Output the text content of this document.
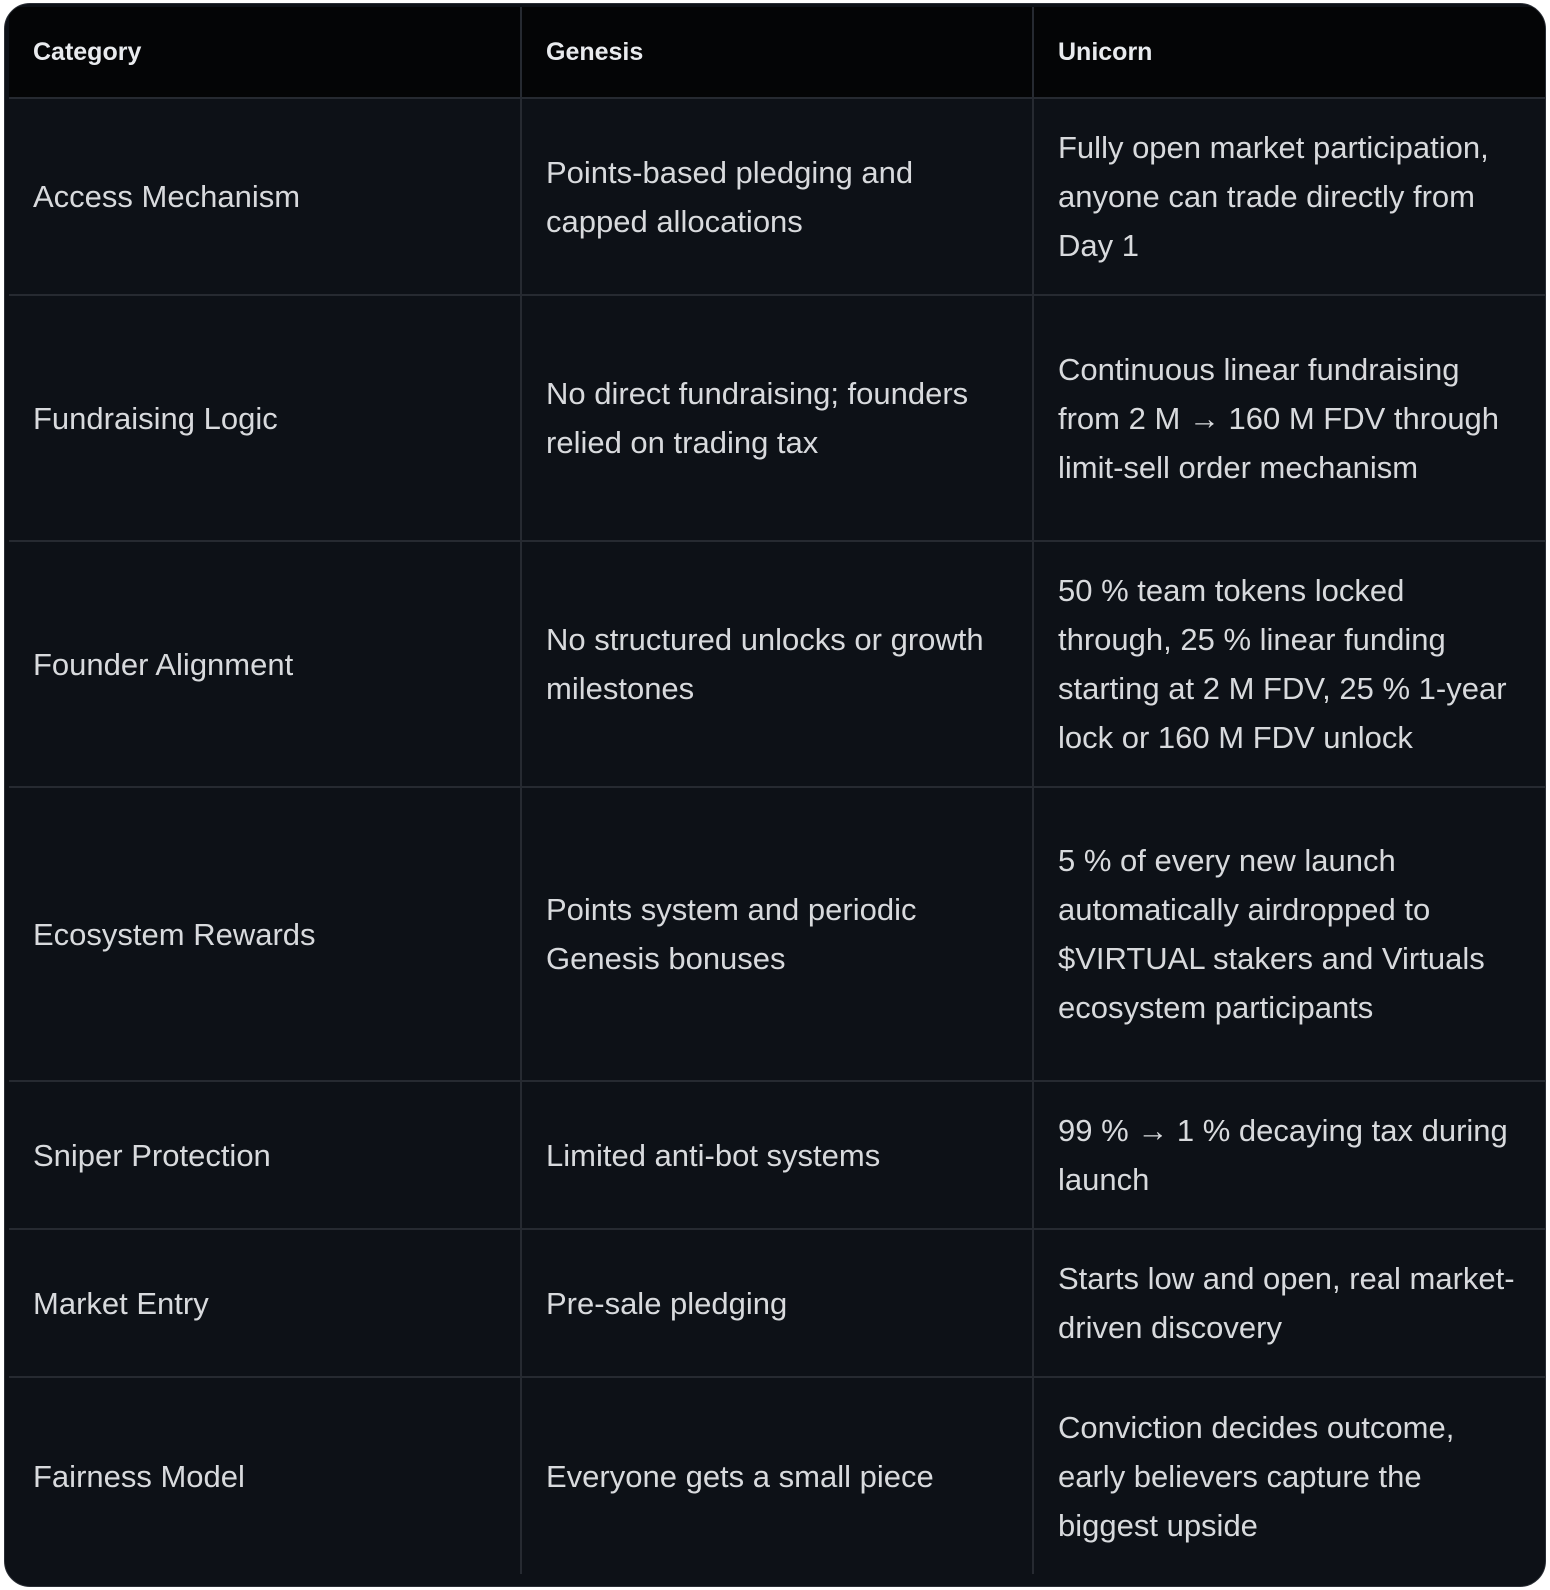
Category	Genesis	Unicorn
Access Mechanism	Points-based pledging and capped allocations	Fully open market participation, anyone can trade directly from Day 1
Fundraising Logic	No direct fundraising; founders relied on trading tax	Continuous linear fundraising from 2 M → 160 M FDV through limit-sell order mechanism
Founder Alignment	No structured unlocks or growth milestones	50 % team tokens locked through, 25 % linear funding starting at 2 M FDV, 25 % 1-year lock or 160 M FDV unlock
Ecosystem Rewards	Points system and periodic Genesis bonuses	5 % of every new launch automatically airdropped to $VIRTUAL stakers and Virtuals ecosystem participants
Sniper Protection	Limited anti-bot systems	99 % → 1 % decaying tax during launch
Market Entry	Pre-sale pledging	Starts low and open, real market-driven discovery
Fairness Model	Everyone gets a small piece	Conviction decides outcome, early believers capture the biggest upside
